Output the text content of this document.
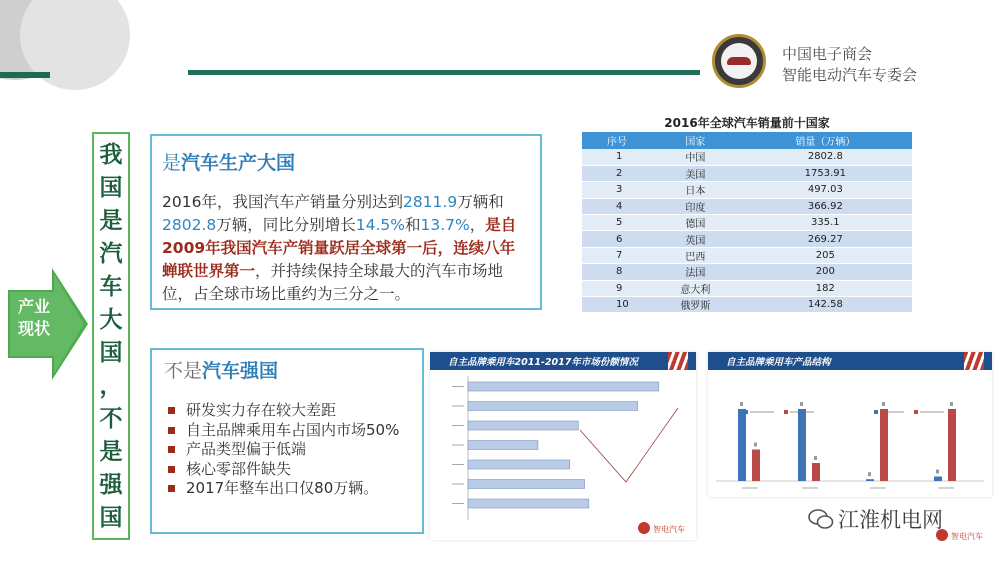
中国电子商会
智能电动汽车专委会
产业
现状
我
国
是
汽
车
大
国
，
不
是
强
国
是汽车生产大国
2016年，我国汽车产销量分别达到2811.9万辆和2802.8万辆，同比分别增长14.5%和13.7%，是自2009年我国汽车产销量跃居全球第一后，连续八年蝉联世界第一，并持续保持全球最大的汽车市场地位，占全球市场比重约为三分之一。
不是汽车强国
研发实力存在较大差距
自主品牌乘用车占国内市场50%
产品类型偏于低端
核心零部件缺失
2017年整车出口仅80万辆。
2016年全球汽车销量前十国家
序号	国家	销量（万辆）
1	中国	2802.8
2	美国	1753.91
3	日本	497.03
4	印度	366.92
5	德国	335.1
6	英国	269.27
7	巴西	205
8	法国	200
9	意大利	182
10	俄罗斯	142.58
自主品牌乘用车2011-2017年市场份额情况
智电汽车
自主品牌乘用车产品结构
智电汽车
江淮机电网
